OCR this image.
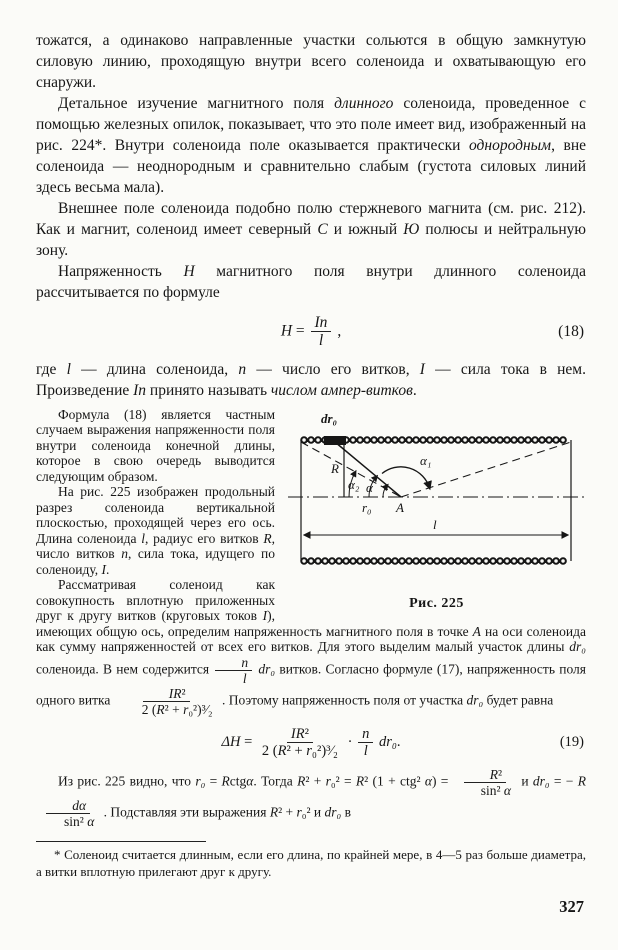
тожатся, а одинаково направленные участки сольются в общую замкнутую силовую линию, проходящую внутри всего соленоида и охватывающую его снаружи.

Детальное изучение магнитного поля длинного соленоида, проведенное с помощью железных опилок, показывает, что это поле имеет вид, изображенный на рис. 224*. Внутри соленоида поле оказывается практически однородным, вне соленоида — неоднородным и сравнительно слабым (густота силовых линий здесь весьма мала).

Внешнее поле соленоида подобно полю стержневого магнита (см. рис. 212). Как и магнит, соленоид имеет северный С и южный Ю полюсы и нейтральную зону.

Напряженность H магнитного поля внутри длинного соленоида рассчитывается по формуле

$H = \frac{In}{l}$ ,	(18)

где l — длина соленоида, n — число его витков, I — сила тока в нем. Произведение In принято называть числом ампер-витков.

dr₀
R
α₂ α
α₁
r₀ A
l
Рис. 225

Формула (18) является частным случаем выражения напряженности поля внутри соленоида конечной длины, которое в свою очередь выводится следующим образом.

На рис. 225 изображен продольный разрез соленоида вертикальной плоскостью, проходящей через его ось. Длина соленоида l, радиус его витков R, число витков n, сила тока, идущего по соленоиду, I.

Рассматривая соленоид как совокупность вплотную приложенных друг к другу витков (круговых токов I), имеющих общую ось, определим напряженность магнитного поля в точке A на оси соленоида как сумму напряженностей от всех его витков. Для этого выделим малый участок длины dr₀ соленоида. В нем содержится $\frac{n}{l} dr_0$ витков. Согласно формуле (17), напряженность поля одного витка $\frac{\text{IR²}}{\text{2 (R² + r₀²)³⁄₂}}$ . Поэтому напряженность поля от участка dr₀ будет равна

$\Delta H = \frac{\text{IR²}}{\text{2 (R² + r₀²)³⁄₂}} \cdot \frac{n}{l} dr_0$.	(19)

Из рис. 225 видно, что r₀ = Rctgα. Тогда R² + r₀² = R² (1 + ctg² $\alpha) = \frac{\text{R²}}{\text{sin² α}}$ и dr₀ = − R
$\frac{d\alpha}{\text{sin² α}}$ . Подставляя эти выражения R² + r₀² и dr₀ в

* Соленоид считается длинным, если его длина, по крайней мере, в 4—5 раз больше диаметра, а витки вплотную прилегают друг к другу.

327
